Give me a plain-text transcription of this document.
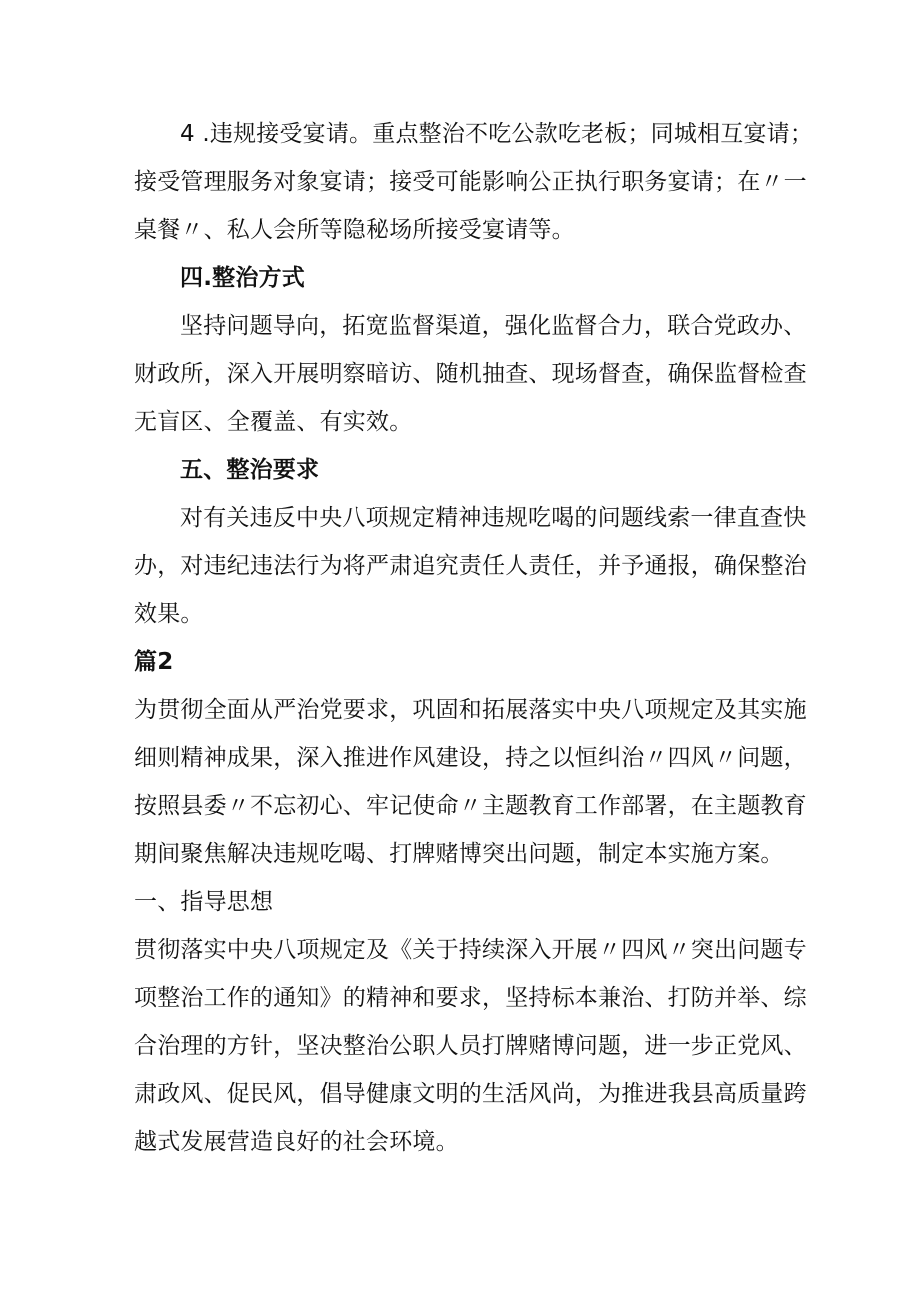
4 .违规接受宴请。重点整治不吃公款吃老板；同城相互宴请；
接受管理服务对象宴请；接受可能影响公正执行职务宴请；在〃一
桌餐〃、私人会所等隐秘场所接受宴请等。
四.整治方式
坚持问题导向，拓宽监督渠道，强化监督合力，联合党政办、
财政所，深入开展明察暗访、随机抽查、现场督查，确保监督检查
无盲区、全覆盖、有实效。
五、整治要求
对有关违反中央八项规定精神违规吃喝的问题线索一律直查快
办，对违纪违法行为将严肃追究责任人责任，并予通报，确保整治
效果。
篇2
为贯彻全面从严治党要求，巩固和拓展落实中央八项规定及其实施
细则精神成果，深入推进作风建设，持之以恒纠治〃四风〃问题，
按照县委〃不忘初心、牢记使命〃主题教育工作部署，在主题教育
期间聚焦解决违规吃喝、打牌赌博突出问题，制定本实施方案。
一、指导思想
贯彻落实中央八项规定及《关于持续深入开展〃四风〃突出问题专
项整治工作的通知》的精神和要求，坚持标本兼治、打防并举、综
合治理的方针，坚决整治公职人员打牌赌博问题，进一步正党风、
肃政风、促民风，倡导健康文明的生活风尚，为推进我县高质量跨
越式发展营造良好的社会环境。
